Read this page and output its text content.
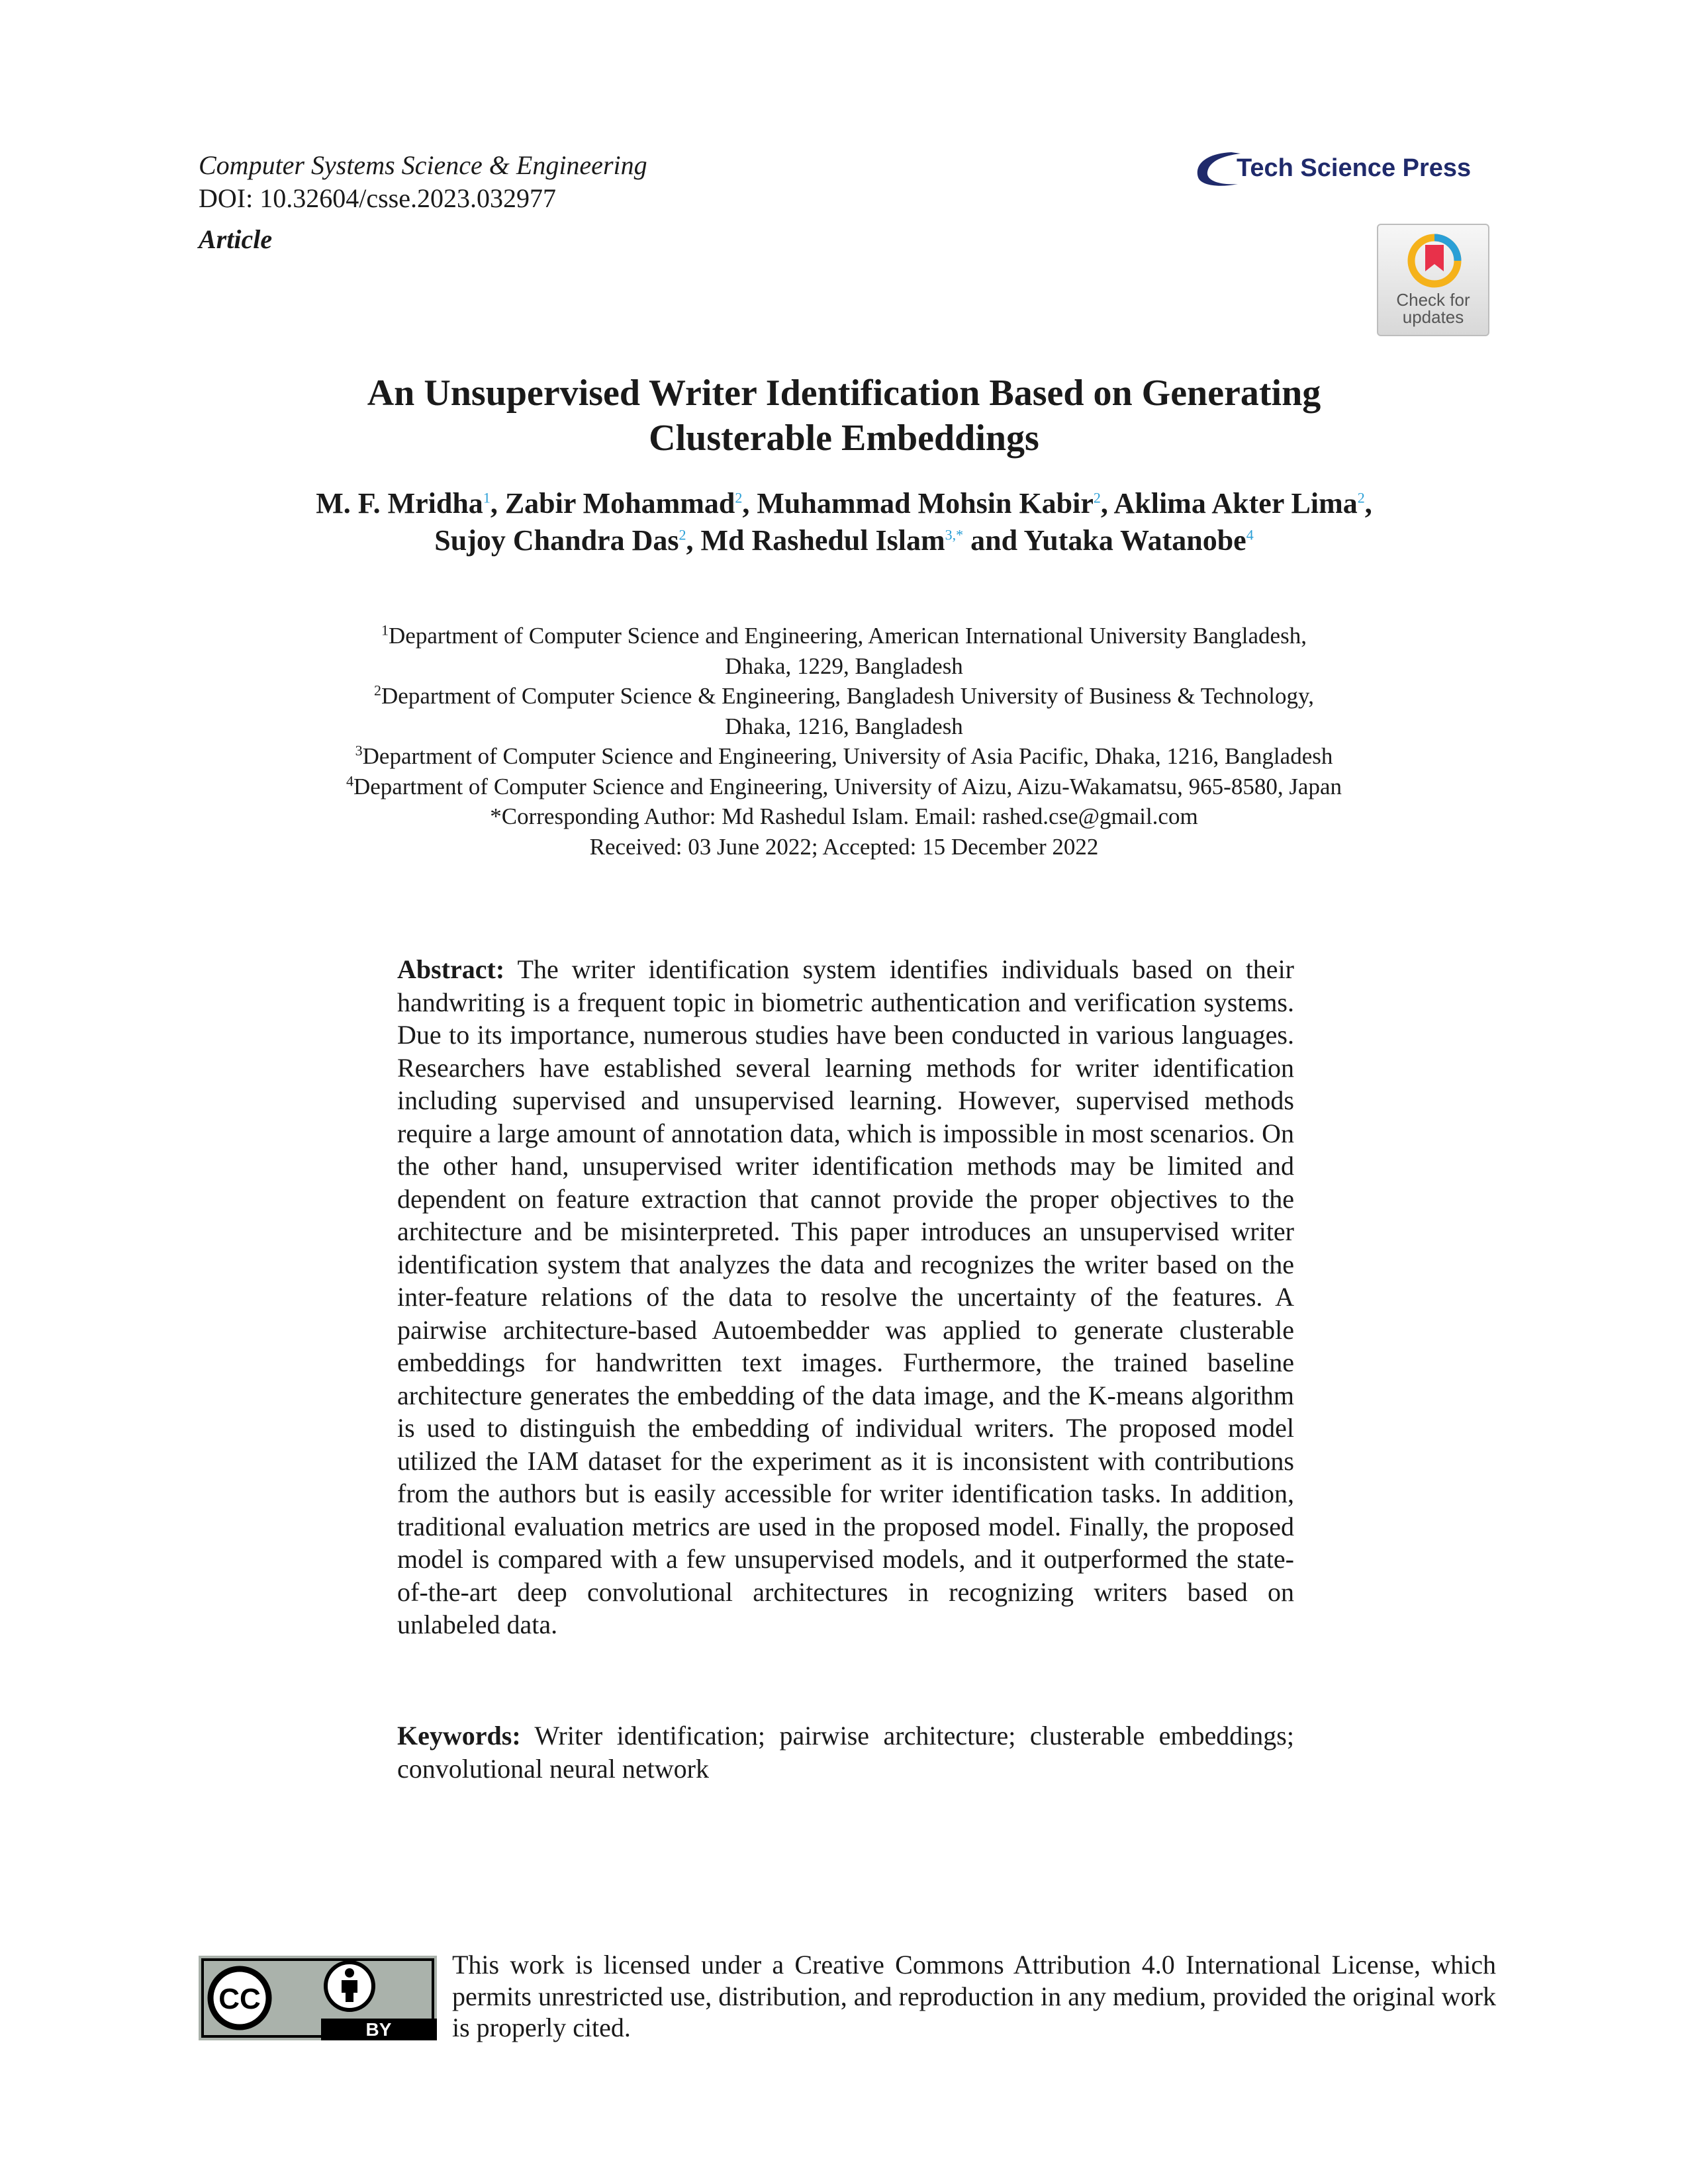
Computer Systems Science & Engineering
DOI: 10.32604/csse.2023.032977
Article
Tech Science Press
Check for
updates
An Unsupervised Writer Identification Based on Generating
Clusterable Embeddings
M. F. Mridha$^1$, Zabir Mohammad$^2$, Muhammad Mohsin Kabir$^2$, Aklima Akter Lima$^2$,
Sujoy Chandra Das$^2$, Md Rashedul Islam$^{3,*}$ and Yutaka Watanobe$^4$
$^1$Department of Computer Science and Engineering, American International University Bangladesh,
Dhaka, 1229, Bangladesh
$^2$Department of Computer Science & Engineering, Bangladesh University of Business & Technology,
Dhaka, 1216, Bangladesh
$^3$Department of Computer Science and Engineering, University of Asia Pacific, Dhaka, 1216, Bangladesh
$^4$Department of Computer Science and Engineering, University of Aizu, Aizu-Wakamatsu, 965-8580, Japan
*Corresponding Author: Md Rashedul Islam. Email: rashed.cse@gmail.com
Received: 03 June 2022; Accepted: 15 December 2022
Abstract: The writer identification system identifies individuals based on their handwriting is a frequent topic in biometric authentication and verification systems. Due to its importance, numerous studies have been conducted in various languages. Researchers have established several learning methods for writer identification including supervised and unsupervised learning. However, supervised methods require a large amount of annotation data, which is impossible in most scenarios. On the other hand, unsupervised writer identification methods may be limited and dependent on feature extraction that cannot provide the proper objectives to the architecture and be misinterpreted. This paper introduces an unsupervised writer identification system that analyzes the data and recognizes the writer based on the inter-feature relations of the data to resolve the uncertainty of the features. A pairwise architecture-based Autoembedder was applied to generate clusterable embeddings for handwritten text images. Furthermore, the trained baseline architecture generates the embedding of the data image, and the K-means algorithm is used to distinguish the embedding of individual writers. The proposed model utilized the IAM dataset for the experiment as it is inconsistent with contributions from the authors but is easily accessible for writer identification tasks. In addition, traditional evaluation metrics are used in the proposed model. Finally, the proposed model is compared with a few unsupervised models, and it outperformed the state-of-the-art deep convolutional architectures in recognizing writers based on unlabeled data.
Keywords: Writer identification; pairwise architecture; clusterable embeddings; convolutional neural network
CC
BY
This work is licensed under a Creative Commons Attribution 4.0 International License, which permits unrestricted use, distribution, and reproduction in any medium, provided the original work is properly cited.
